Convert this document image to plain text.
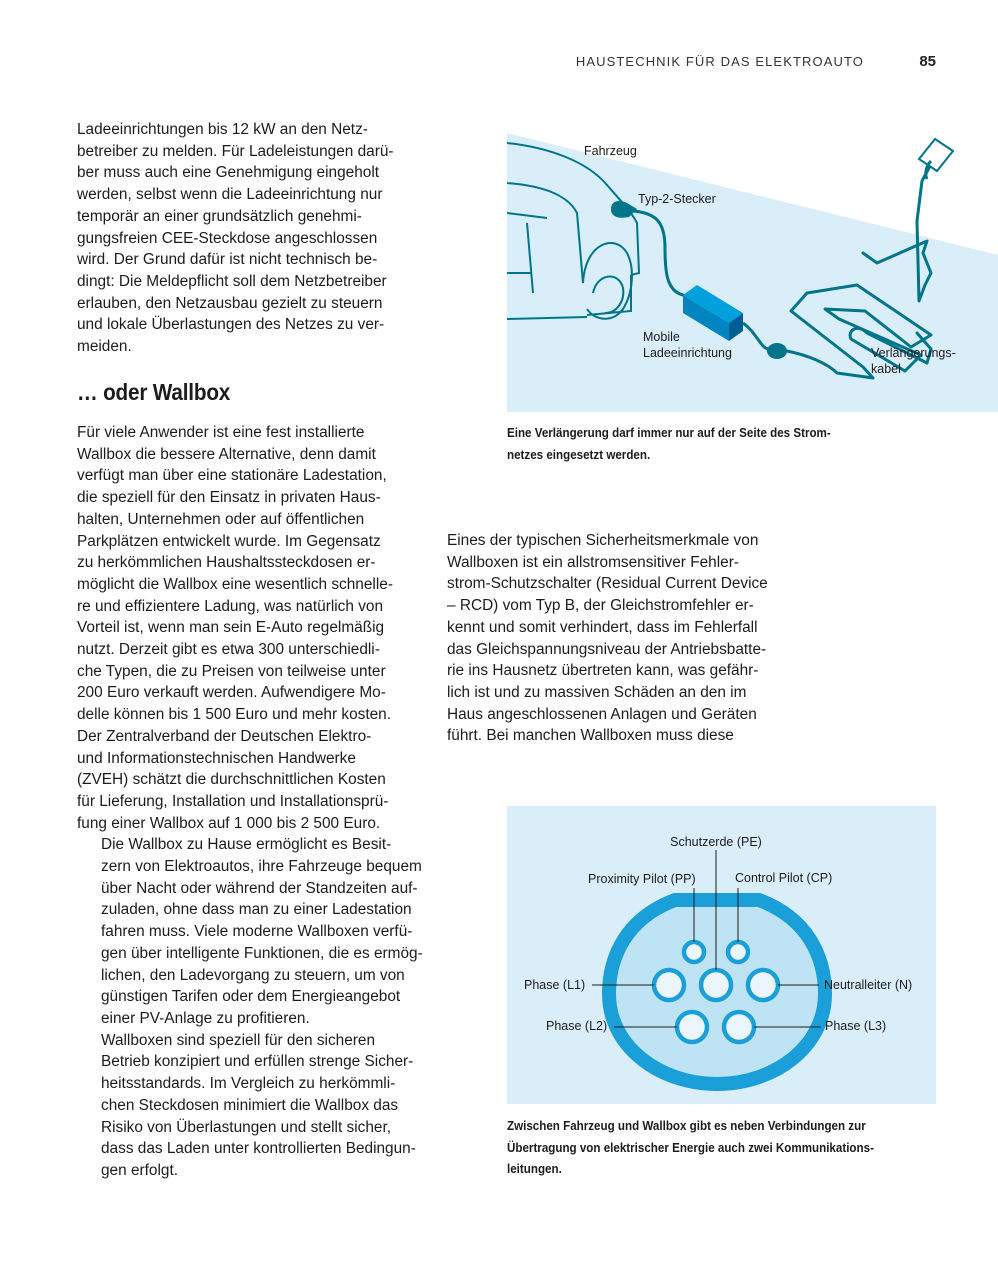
HAUSTECHNIK FÜR DAS ELEKTROAUTO	85

Ladeeinrichtungen bis 12 kW an den Netz-
betreiber zu melden. Für Ladeleistungen darü-
ber muss auch eine Genehmigung eingeholt
werden, selbst wenn die Ladeeinrichtung nur
temporär an einer grundsätzlich genehmi-
gungsfreien CEE-Steckdose angeschlossen
wird. Der Grund dafür ist nicht technisch be-
dingt: Die Meldepflicht soll dem Netzbetreiber
erlauben, den Netzausbau gezielt zu steuern
und lokale Überlastungen des Netzes zu ver-
meiden.

… oder Wallbox

Für viele Anwender ist eine fest installierte
Wallbox die bessere Alternative, denn damit
verfügt man über eine stationäre Ladestation,
die speziell für den Einsatz in privaten Haus-
halten, Unternehmen oder auf öffentlichen
Parkplätzen entwickelt wurde. Im Gegensatz
zu herkömmlichen Haushaltssteckdosen er-
möglicht die Wallbox eine wesentlich schnelle-
re und effizientere Ladung, was natürlich von
Vorteil ist, wenn man sein E-Auto regelmäßig
nutzt. Derzeit gibt es etwa 300 unterschiedli-
che Typen, die zu Preisen von teilweise unter
200 Euro verkauft werden. Aufwendigere Mo-
delle können bis 1 500 Euro und mehr kosten.
Der Zentralverband der Deutschen Elektro-
und Informationstechnischen Handwerke
(ZVEH) schätzt die durchschnittlichen Kosten
für Lieferung, Installation und Installationsprü-
fung einer Wallbox auf 1 000 bis 2 500 Euro.

Die Wallbox zu Hause ermöglicht es Besit-
zern von Elektroautos, ihre Fahrzeuge bequem
über Nacht oder während der Standzeiten auf-
zuladen, ohne dass man zu einer Ladestation
fahren muss. Viele moderne Wallboxen verfü-
gen über intelligente Funktionen, die es ermög-
lichen, den Ladevorgang zu steuern, um von
günstigen Tarifen oder dem Energieangebot
einer PV-Anlage zu profitieren.

Wallboxen sind speziell für den sicheren
Betrieb konzipiert und erfüllen strenge Sicher-
heitsstandards. Im Vergleich zu herkömmli-
chen Steckdosen minimiert die Wallbox das
Risiko von Überlastungen und stellt sicher,
dass das Laden unter kontrollierten Bedingun-
gen erfolgt.

Eines der typischen Sicherheitsmerkmale von
Wallboxen ist ein allstromsensitiver Fehler-
strom-Schutzschalter (Residual Current Device
– RCD) vom Typ B, der Gleichstromfehler er-
kennt und somit verhindert, dass im Fehlerfall
das Gleichspannungsniveau der Antriebsbatte-
rie ins Hausnetz übertreten kann, was gefähr-
lich ist und zu massiven Schäden an den im
Haus angeschlossenen Anlagen und Geräten
führt. Bei manchen Wallboxen muss diese

Fahrzeug
Typ-2-Stecker
Mobile
Ladeeinrichtung	Verlängerungs-
kabel
Eine Verlängerung darf immer nur auf der Seite des Strom-
netzes eingesetzt werden.
Schutzerde (PE)
Proximity Pilot (PP)	Control Pilot (CP)
Phase (L1)	Neutralleiter (N)
Phase (L2)	Phase (L3)
Zwischen Fahrzeug und Wallbox gibt es neben Verbindungen zur
Übertragung von elektrischer Energie auch zwei Kommunikations-
leitungen.
